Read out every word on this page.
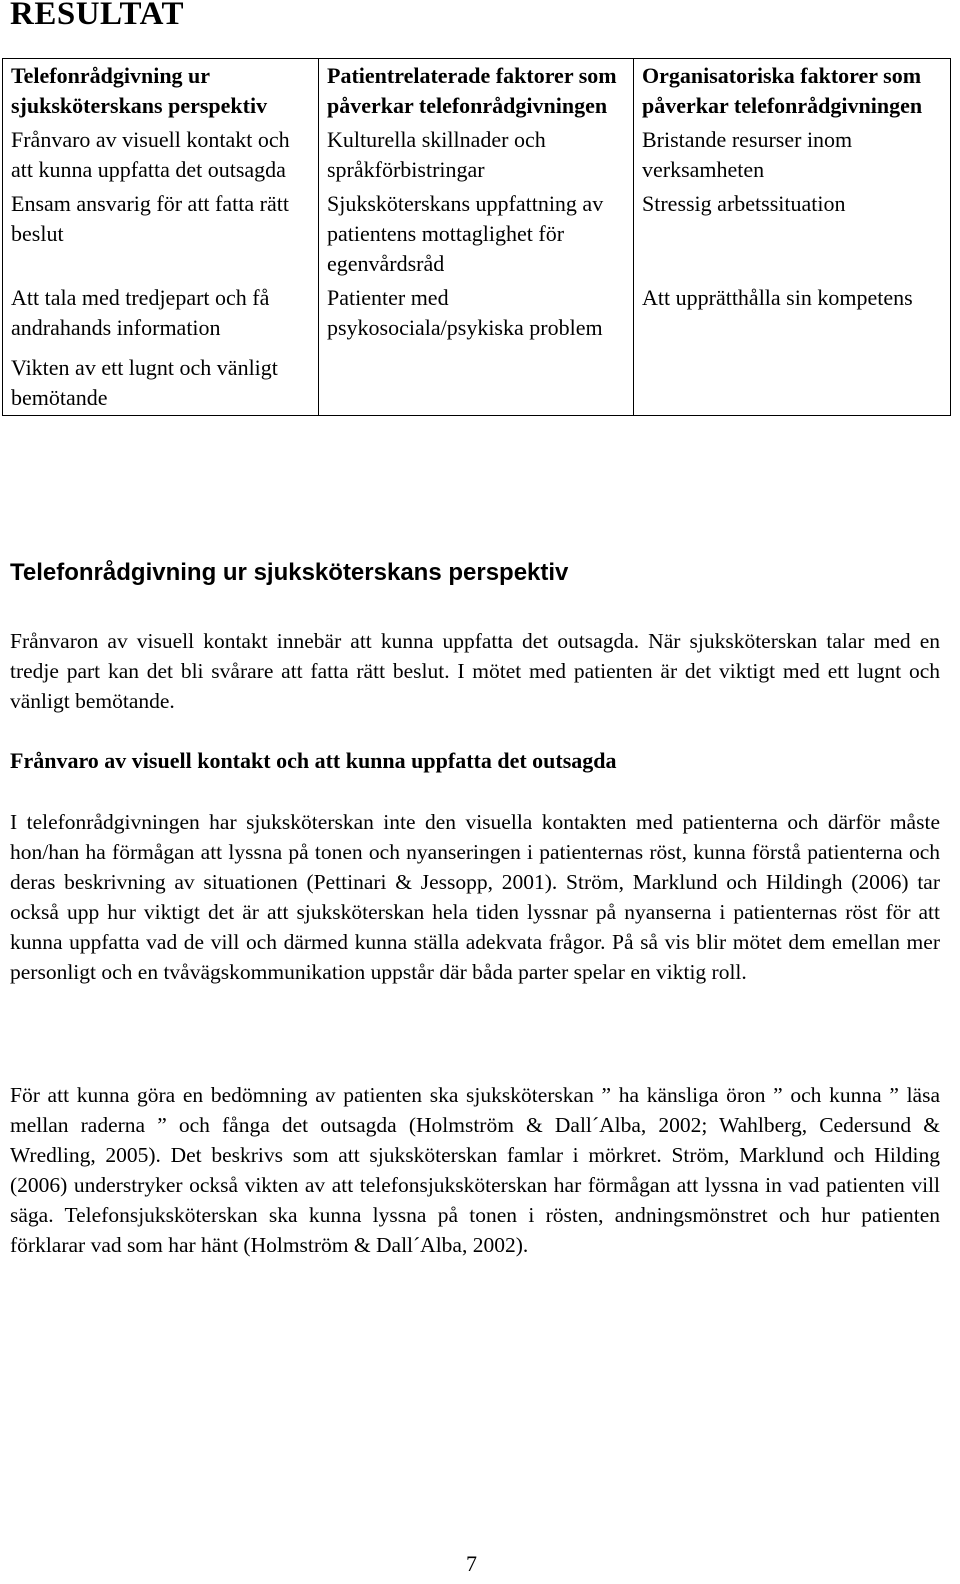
RESULTAT
Telefonrådgivning ur sjuksköterskans perspektiv	Patientrelaterade faktorer som påverkar telefonrådgivningen	Organisatoriska faktorer som påverkar telefonrådgivningen
Frånvaro av visuell kontakt och att kunna uppfatta det outsagda	Kulturella skillnader och språkförbistringar	Bristande resurser inom verksamheten
Ensam ansvarig för att fatta rätt beslut	Sjuksköterskans uppfattning av patientens mottaglighet för egenvårdsråd	Stressig arbetssituation
Att tala med tredjepart och få andrahands information	Patienter med psykosociala/psykiska problem	Att upprätthålla sin kompetens
Vikten av ett lugnt och vänligt bemötande		
Telefonrådgivning ur sjuksköterskans perspektiv

Frånvaron av visuell kontakt innebär att kunna uppfatta det outsagda. När sjuksköterskan talar med en tredje part kan det bli svårare att fatta rätt beslut. I mötet med patienten är det viktigt med ett lugnt och vänligt bemötande.

Frånvaro av visuell kontakt och att kunna uppfatta det outsagda

I telefonrådgivningen har sjuksköterskan inte den visuella kontakten med patienterna och därför måste hon/han ha förmågan att lyssna på tonen och nyanseringen i patienternas röst, kunna förstå patienterna och deras beskrivning av situationen (Pettinari & Jessopp, 2001). Ström, Marklund och Hildingh (2006) tar också upp hur viktigt det är att sjuksköterskan hela tiden lyssnar på nyanserna i patienternas röst för att kunna uppfatta vad de vill och därmed kunna ställa adekvata frågor. På så vis blir mötet dem emellan mer personligt och en tvåvägskommunikation uppstår där båda parter spelar en viktig roll.

För att kunna göra en bedömning av patienten ska sjuksköterskan ” ha känsliga öron ” och kunna ” läsa mellan raderna ” och fånga det outsagda (Holmström & Dall´Alba, 2002; Wahlberg, Cedersund & Wredling, 2005). Det beskrivs som att sjuksköterskan famlar i mörkret. Ström, Marklund och Hilding (2006) understryker också vikten av att telefonsjuksköterskan har förmågan att lyssna in vad patienten vill säga. Telefonsjuksköterskan ska kunna lyssna på tonen i rösten, andningsmönstret och hur patienten förklarar vad som har hänt (Holmström & Dall´Alba, 2002).

7
